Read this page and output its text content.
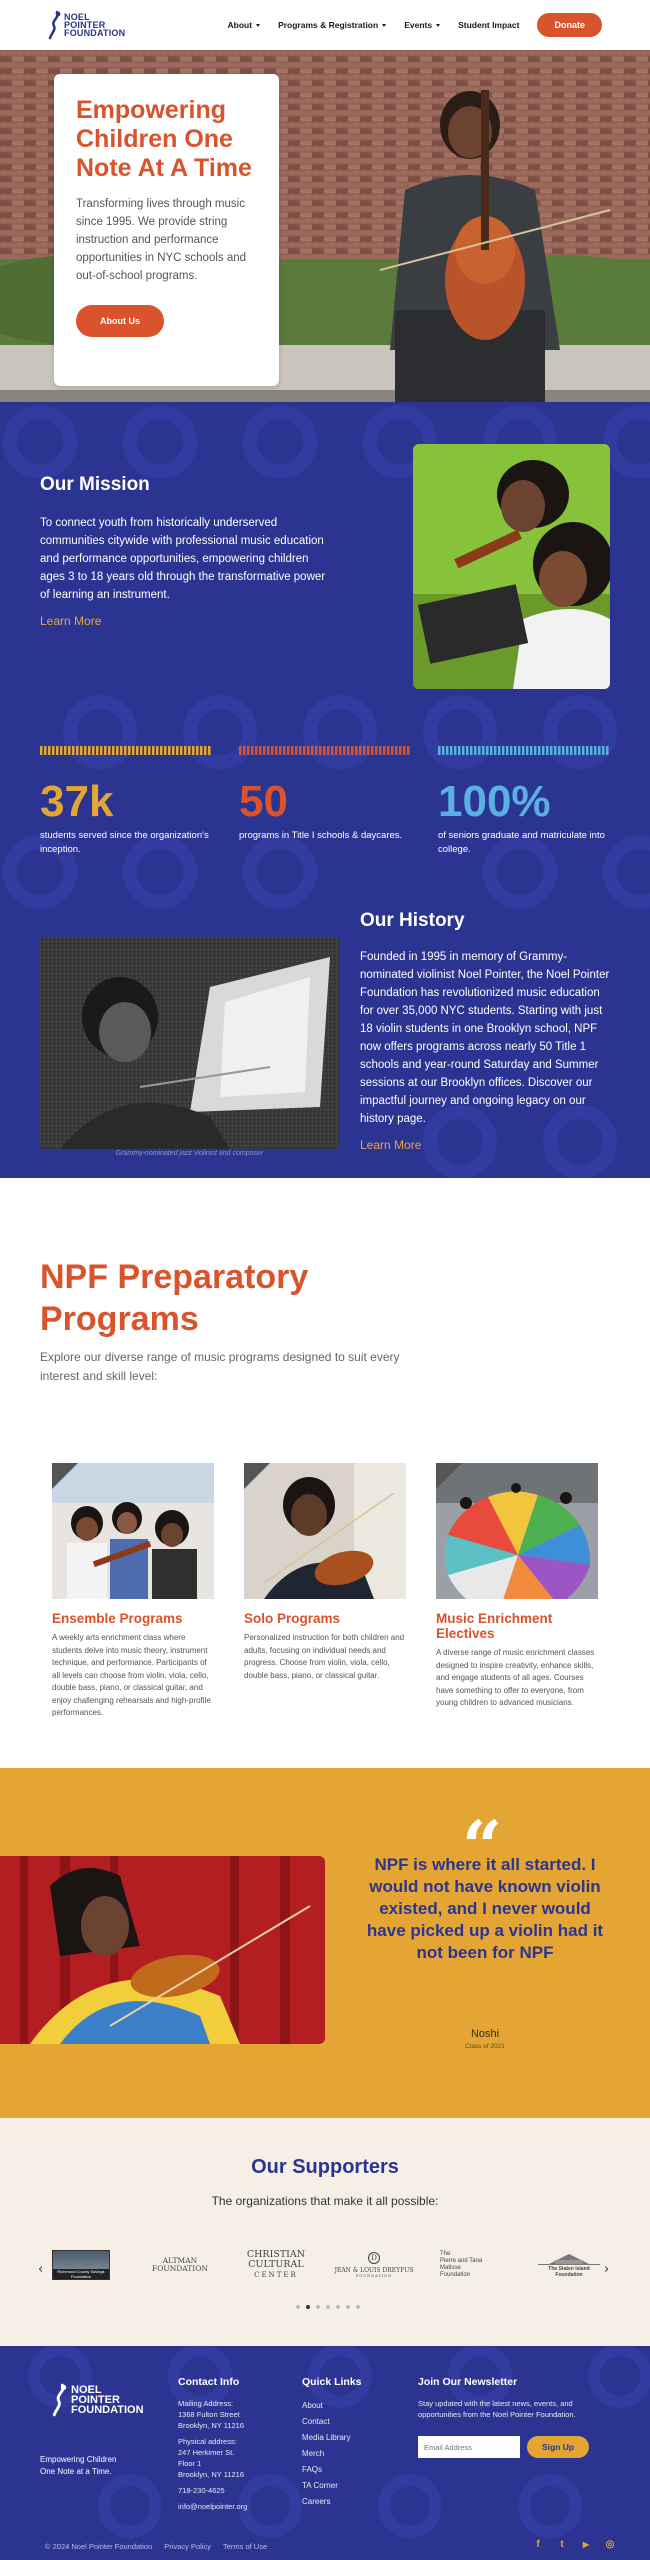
NOEL
POINTER
FOUNDATION
About	Programs & Registration	Events	Student Impact	Donate
Empowering Children One Note At A Time

Transforming lives through music since 1995. We provide string instruction and performance opportunities in NYC schools and out-of-school programs.

About Us
Our Mission

To connect youth from historically underserved communities citywide with professional music education and performance opportunities, empowering children ages 3 to 18 years old through the transformative power of learning an instrument.

Learn More
37k
students served since the organization's inception.
50
programs in Title I schools & daycares.
100%
of seniors graduate and matriculate into college.
Grammy-nominated jazz violinist and composer
Our History

Founded in 1995 in memory of Grammy-nominated violinist Noel Pointer, the Noel Pointer Foundation has revolutionized music education for over 35,000 NYC students. Starting with just 18 violin students in one Brooklyn school, NPF now offers programs across nearly 50 Title 1 schools and year-round Saturday and Summer sessions at our Brooklyn offices. Discover our impactful journey and ongoing legacy on our history page.

Learn More
NPF Preparatory Programs

Explore our diverse range of music programs designed to suit every interest and skill level:

Ensemble Programs
A weekly arts enrichment class where students delve into music theory, instrument technique, and performance. Participants of all levels can choose from violin, viola, cello, double bass, piano, or classical guitar, and enjoy challenging rehearsals and high-profile performances.
Solo Programs
Personalized instruction for both children and adults, focusing on individual needs and progress. Choose from violin, viola, cello, double bass, piano, or classical guitar.
Music Enrichment Electives
A diverse range of music enrichment classes designed to inspire creativity, enhance skills, and engage students of all ages. Courses have something to offer to everyone, from young children to advanced musicians.
“
NPF is where it all started. I would not have known violin existed, and I never would have picked up a violin had it not been for NPF
Noshi
Class of 2021
Our Supporters

The organizations that make it all possible:

‹	Richmond County Savings Foundation
ALTMAN
FOUNDATION
CHRISTIAN
CULTURAL
CENTER
D
JEAN & LOUIS DREYFUS
FOUNDATION
The
Pierre and Tana
Matisse
Foundation
The Staten Island Foundation	›
NOEL
POINTER
FOUNDATION
Empowering Children
One Note at a Time.
Contact Info
Mailing Address:
1368 Fulton Street
Brooklyn, NY 11216
Physical address:
247 Herkimer St.
Floor 1
Brooklyn, NY 11216
718-230-4625
info@noelpointer.org
Quick Links
About
Contact
Media Library
Merch
FAQs
TA Corner
Careers
Join Our Newsletter
Stay updated with the latest news, events, and opportunities from the Noel Pointer Foundation.
Email Address
Sign Up
© 2024 Noel Pointer Foundation Privacy Policy Terms of Use	f	t	▶ ◎
